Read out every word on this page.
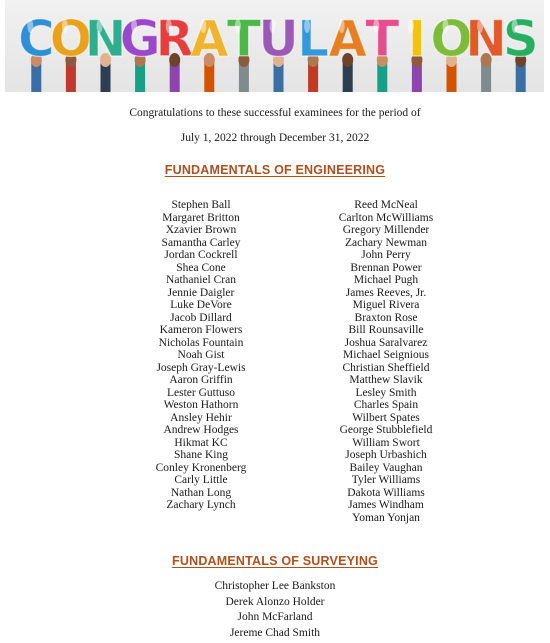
C
O
N
G
R
A
T
U
L A
T I O
N
S
Congratulations to these successful examinees for the period of
July 1, 2022 through December 31, 2022
FUNDAMENTALS OF ENGINEERING
Stephen Ball
Margaret Britton
Xzavier Brown
Samantha Carley
Jordan Cockrell
Shea Cone
Nathaniel Cran
Jennie Daigler
Luke DeVore
Jacob Dillard
Kameron Flowers
Nicholas Fountain
Noah Gist
Joseph Gray-Lewis
Aaron Griffin
Lester Guttuso
Weston Hathorn
Ansley Hehir
Andrew Hodges
Hikmat KC
Shane King
Conley Kronenberg
Carly Little
Nathan Long
Zachary Lynch
Reed McNeal
Carlton McWilliams
Gregory Millender
Zachary Newman
John Perry
Brennan Power
Michael Pugh
James Reeves, Jr.
Miguel Rivera
Braxton Rose
Bill Rounsaville
Joshua Saralvarez
Michael Seignious
Christian Sheffield
Matthew Slavik
Lesley Smith
Charles Spain
Wilbert Spates
George Stubblefield
William Swort
Joseph Urbashich
Bailey Vaughan
Tyler Williams
Dakota Williams
James Windham
Yoman Yonjan
FUNDAMENTALS OF SURVEYING
Christopher Lee Bankston
Derek Alonzo Holder
John McFarland
Jereme Chad Smith
